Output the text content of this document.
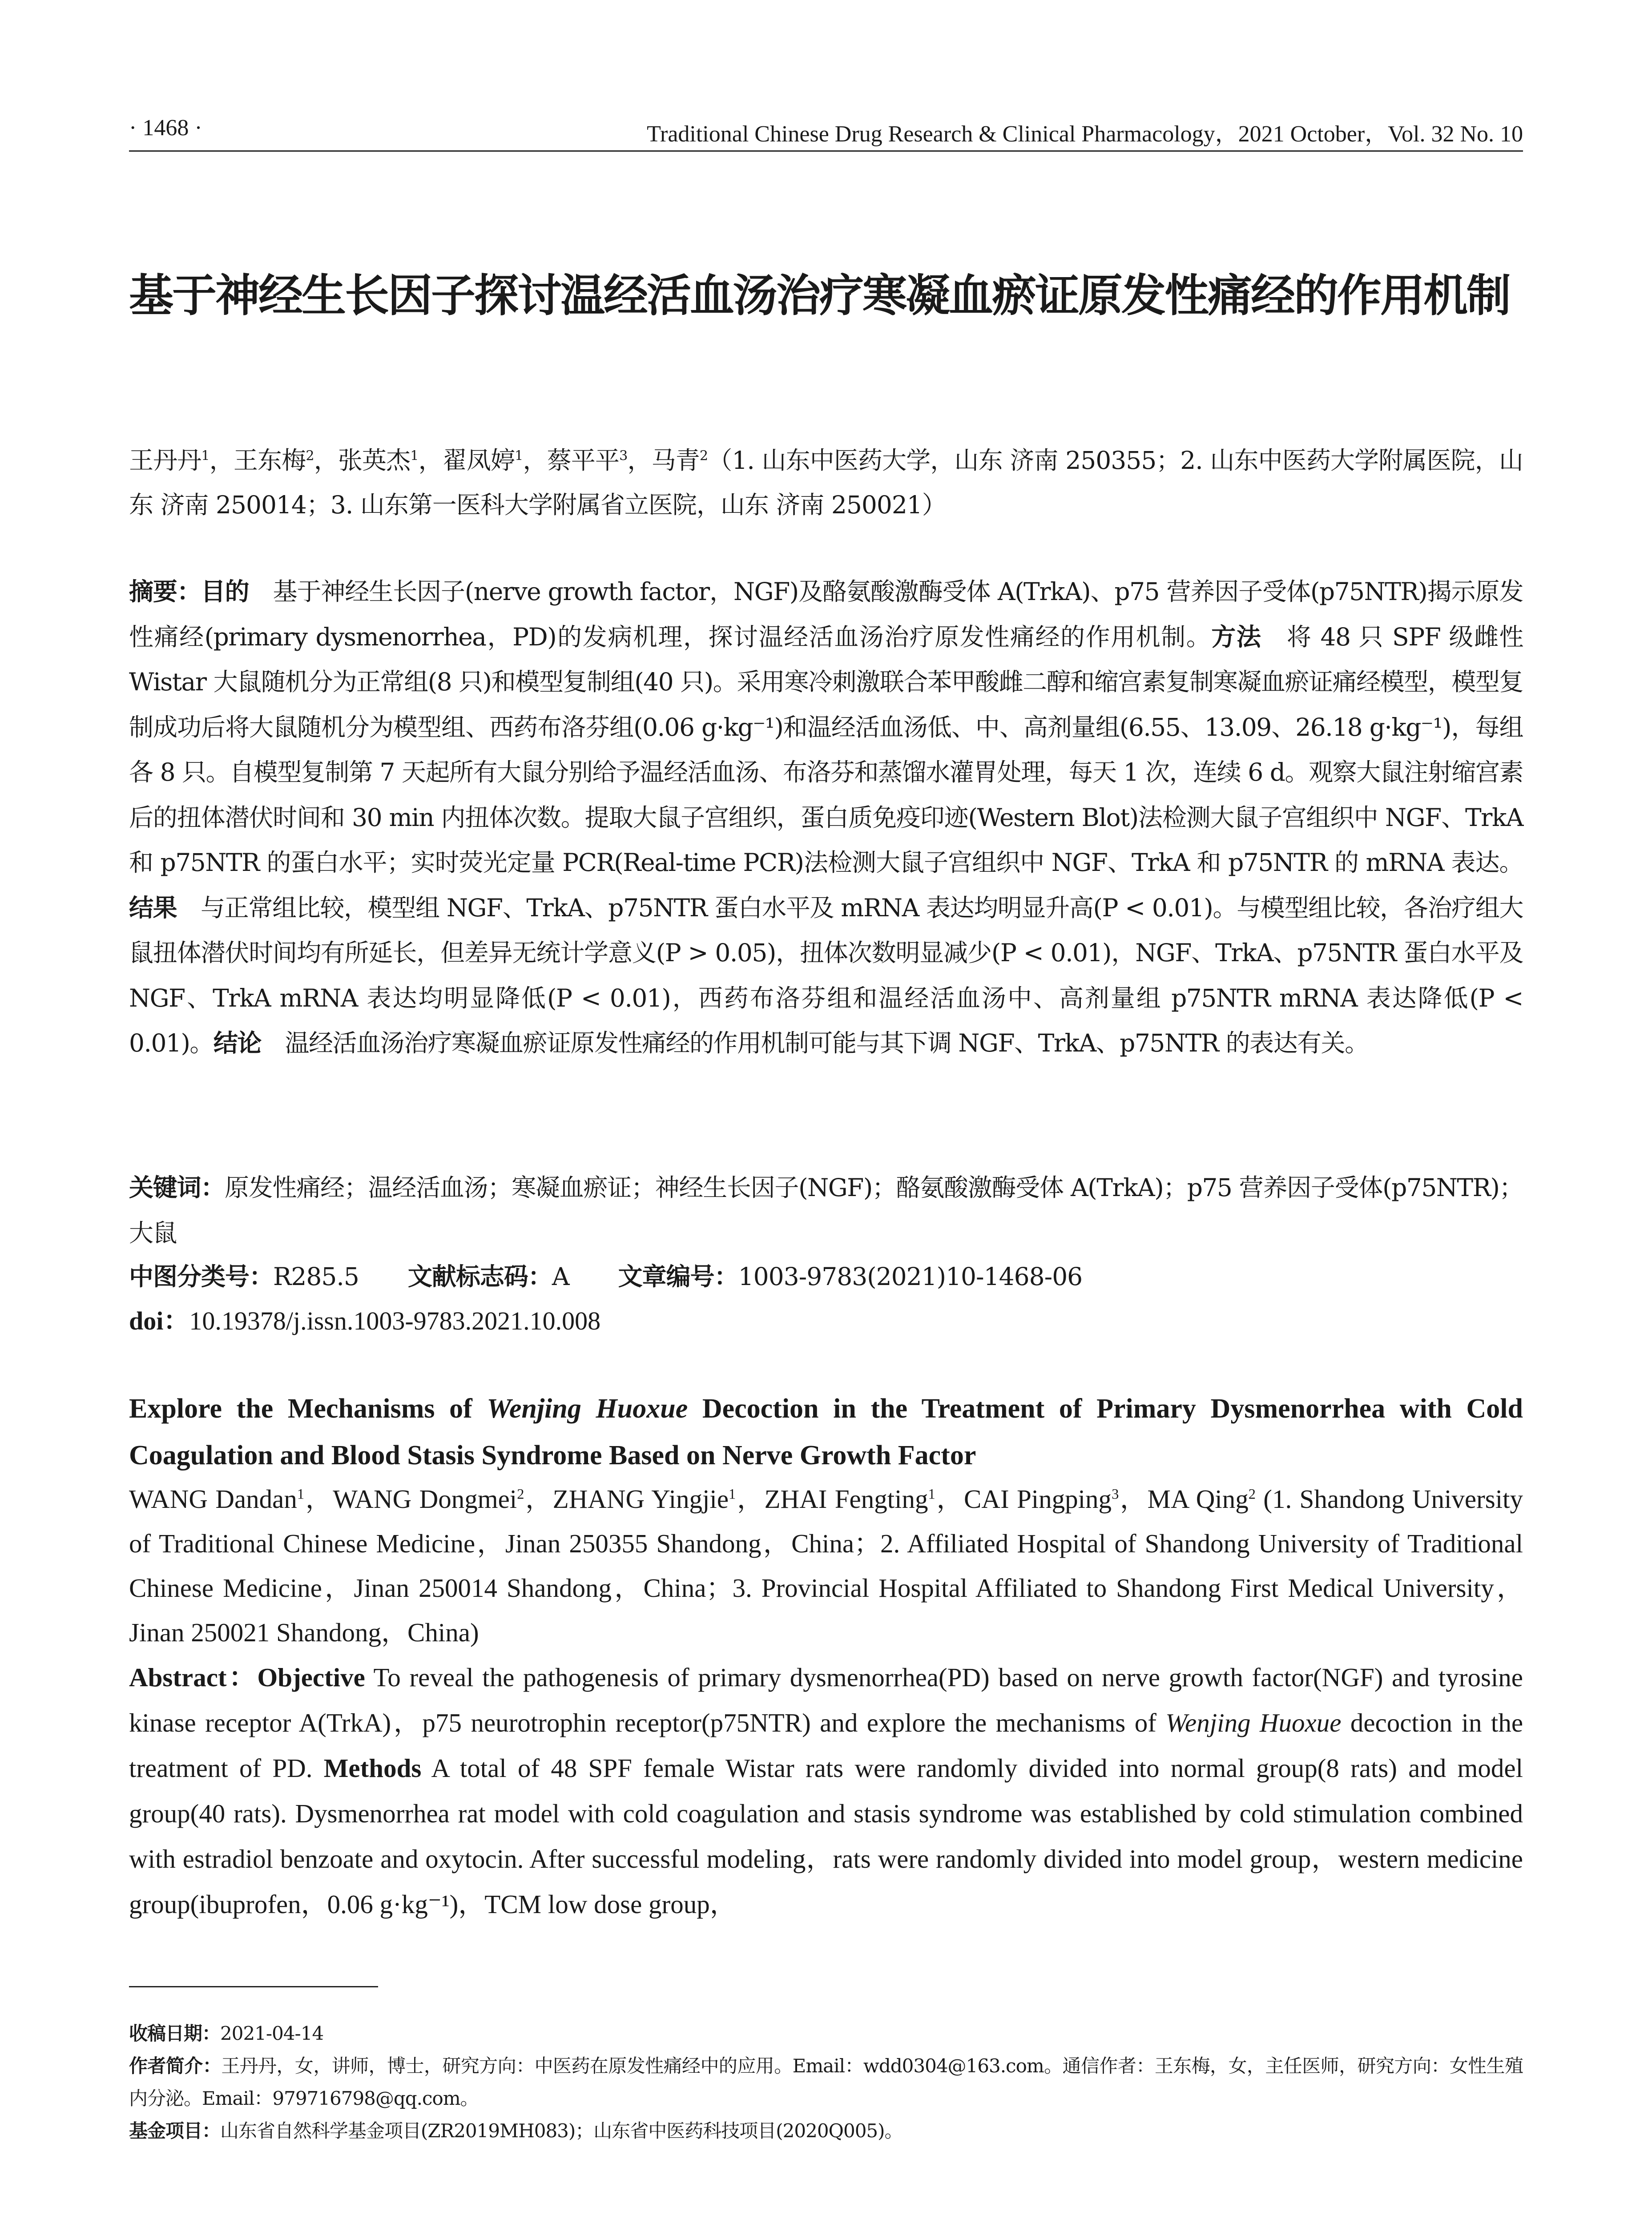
· 1468 ·	Traditional Chinese Drug Research & Clinical Pharmacology，2021 October，Vol. 32 No. 10
基于神经生长因子探讨温经活血汤治疗寒凝血瘀证原发性痛经的作用机制
王丹丹$^1$，王东梅$^2$，张英杰$^1$，翟凤婷$^1$，蔡平平$^3$，马青$^2$（1. 山东中医药大学，山东 济南 250355；2. 山东中医药大学附属医院，山东 济南 250014；3. 山东第一医科大学附属省立医院，山东 济南 250021）
摘要：目的  基于神经生长因子(nerve growth factor，NGF)及酪氨酸激酶受体 A(TrkA)、p75 营养因子受体(p75NTR)揭示原发性痛经(primary dysmenorrhea，PD)的发病机理，探讨温经活血汤治疗原发性痛经的作用机制。方法  将 48 只 SPF 级雌性 Wistar 大鼠随机分为正常组(8 只)和模型复制组(40 只)。采用寒冷刺激联合苯甲酸雌二醇和缩宫素复制寒凝血瘀证痛经模型，模型复制成功后将大鼠随机分为模型组、西药布洛芬组(0.06 g·kg⁻¹)和温经活血汤低、中、高剂量组(6.55、13.09、26.18 g·kg⁻¹)，每组各 8 只。自模型复制第 7 天起所有大鼠分别给予温经活血汤、布洛芬和蒸馏水灌胃处理，每天 1 次，连续 6 d。观察大鼠注射缩宫素后的扭体潜伏时间和 30 min 内扭体次数。提取大鼠子宫组织，蛋白质免疫印迹(Western Blot)法检测大鼠子宫组织中 NGF、TrkA 和 p75NTR 的蛋白水平；实时荧光定量 PCR(Real-time PCR)法检测大鼠子宫组织中 NGF、TrkA 和 p75NTR 的 mRNA 表达。结果  与正常组比较，模型组 NGF、TrkA、p75NTR 蛋白水平及 mRNA 表达均明显升高(P < 0.01)。与模型组比较，各治疗组大鼠扭体潜伏时间均有所延长，但差异无统计学意义(P > 0.05)，扭体次数明显减少(P < 0.01)，NGF、TrkA、p75NTR 蛋白水平及 NGF、TrkA mRNA 表达均明显降低(P < 0.01)，西药布洛芬组和温经活血汤中、高剂量组 p75NTR mRNA 表达降低(P < 0.01)。结论  温经活血汤治疗寒凝血瘀证原发性痛经的作用机制可能与其下调 NGF、TrkA、p75NTR 的表达有关。
关键词：原发性痛经；温经活血汤；寒凝血瘀证；神经生长因子(NGF)；酪氨酸激酶受体 A(TrkA)；p75 营养因子受体(p75NTR)；大鼠
中图分类号：R285.5 文献标志码：A 文章编号：1003-9783(2021)10-1468-06
doi：10.19378/j.issn.1003-9783.2021.10.008
Explore the Mechanisms of Wenjing Huoxue Decoction in the Treatment of Primary Dysmenorrhea with Cold Coagulation and Blood Stasis Syndrome Based on Nerve Growth Factor
WANG Dandan$^1$，WANG Dongmei$^2$，ZHANG Yingjie$^1$，ZHAI Fengting$^1$，CAI Pingping$^3$，MA Qing$^2$ (1. Shandong University of Traditional Chinese Medicine，Jinan 250355 Shandong，China；2. Affiliated Hospital of Shandong University of Traditional Chinese Medicine，Jinan 250014 Shandong，China；3. Provincial Hospital Affiliated to Shandong First Medical University，Jinan 250021 Shandong，China)
Abstract：Objective To reveal the pathogenesis of primary dysmenorrhea(PD) based on nerve growth factor(NGF) and tyrosine kinase receptor A(TrkA)，p75 neurotrophin receptor(p75NTR) and explore the mechanisms of Wenjing Huoxue decoction in the treatment of PD. Methods A total of 48 SPF female Wistar rats were randomly divided into normal group(8 rats) and model group(40 rats). Dysmenorrhea rat model with cold coagulation and stasis syndrome was established by cold stimulation combined with estradiol benzoate and oxytocin. After successful modeling，rats were randomly divided into model group，western medicine group(ibuprofen，0.06 g·kg⁻¹)，TCM low dose group，

收稿日期：2021-04-14

作者简介：王丹丹，女，讲师，博士，研究方向：中医药在原发性痛经中的应用。Email：wdd0304@163.com。通信作者：王东梅，女，主任医师，研究方向：女性生殖内分泌。Email：979716798@qq.com。

基金项目：山东省自然科学基金项目(ZR2019MH083)；山东省中医药科技项目(2020Q005)。
